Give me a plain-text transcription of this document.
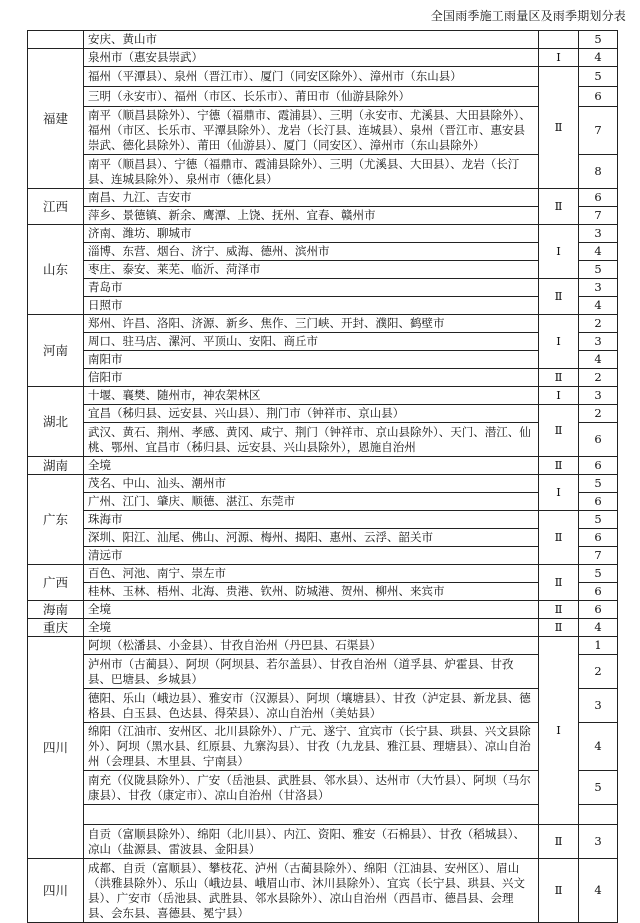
全国雨季施工雨量区及雨季期划分表
	安庆、黄山市		5
福建	泉州市（惠安县崇武）	Ⅰ	4
	福州（平潭县）、泉州（晋江市）、厦门（同安区除外）、漳州市（东山县）	Ⅱ	5
	三明（永安市）、福州（市区、长乐市）、莆田市（仙游县除外）		6
	南平（顺昌县除外）、宁德（福鼎市、霞浦县）、三明（永安市、尤溪县、大田县除外）、福州（市区、长乐市、平潭县除外）、龙岩（长汀县、连城县）、泉州（晋江市、惠安县崇武、德化县除外）、莆田（仙游县）、厦门（同安区）、漳州市（东山县除外）		7
	南平（顺昌县）、宁德（福鼎市、霞浦县除外）、三明（尤溪县、大田县）、龙岩（长汀县、连城县除外）、泉州市（德化县）		8
江西	南昌、九江、吉安市	Ⅱ	6
	萍乡、景德镇、新余、鹰潭、上饶、抚州、宜春、赣州市		7
山东	济南、潍坊、聊城市	Ⅰ	3
	淄博、东营、烟台、济宁、威海、德州、滨州市		4
	枣庄、泰安、莱芜、临沂、菏泽市		5
	青岛市	Ⅱ	3
	日照市		4
河南	郑州、许昌、洛阳、济源、新乡、焦作、三门峡、开封、濮阳、鹤壁市	Ⅰ	2
	周口、驻马店、漯河、平顶山、安阳、商丘市		3
	南阳市		4
	信阳市	Ⅱ	2
湖北	十堰、襄樊、随州市，神农架林区	Ⅰ	3
	宜昌（秭归县、远安县、兴山县）、荆门市（钟祥市、京山县）	Ⅱ	2
	武汉、黄石、荆州、孝感、黄冈、咸宁、荆门（钟祥市、京山县除外）、天门、潜江、仙桃、鄂州、宜昌市（秭归县、远安县、兴山县除外），恩施自治州		6
湖南	全境	Ⅱ	6
广东	茂名、中山、汕头、潮州市	Ⅰ	5
	广州、江门、肇庆、顺德、湛江、东莞市		6
	珠海市	Ⅱ	5
	深圳、阳江、汕尾、佛山、河源、梅州、揭阳、惠州、云浮、韶关市		6
	清远市		7
广西	百色、河池、南宁、崇左市	Ⅱ	5
	桂林、玉林、梧州、北海、贵港、钦州、防城港、贺州、柳州、来宾市		6
海南	全境	Ⅱ	6
重庆	全境	Ⅱ	4
四川	阿坝（松潘县、小金县）、甘孜自治州（丹巴县、石渠县）	Ⅰ	1
	泸州市（古蔺县）、阿坝（阿坝县、若尔盖县）、甘孜自治州（道孚县、炉霍县、甘孜县、巴塘县、乡城县）		2
	德阳、乐山（峨边县）、雅安市（汉源县）、阿坝（壤塘县）、甘孜（泸定县、新龙县、德格县、白玉县、色达县、得荣县）、凉山自治州（美姑县）		3
	绵阳（江油市、安州区、北川县除外）、广元、遂宁、宜宾市（长宁县、珙县、兴文县除外）、阿坝（黑水县、红原县、九寨沟县）、甘孜（九龙县、雅江县、理塘县）、凉山自治州（会理县、木里县、宁南县）		4
	南充（仪陇县除外）、广安（岳池县、武胜县、邻水县）、达州市（大竹县）、阿坝（马尔康县）、甘孜（康定市）、凉山自治州（甘洛县）		5

	自贡（富顺县除外）、绵阳（北川县）、内江、资阳、雅安（石棉县）、甘孜（稻城县）、凉山（盐源县、雷波县、金阳县）	Ⅱ	3
四川	成都、自贡（富顺县）、攀枝花、泸州（古蔺县除外）、绵阳（江油县、安州区）、眉山（洪雅县除外）、乐山（峨边县、峨眉山市、沐川县除外）、宜宾（长宁县、珙县、兴文县）、广安市（岳池县、武胜县、邻水县除外）、凉山自治州（西昌市、德昌县、会理县、会东县、喜德县、冕宁县）	Ⅱ	4
